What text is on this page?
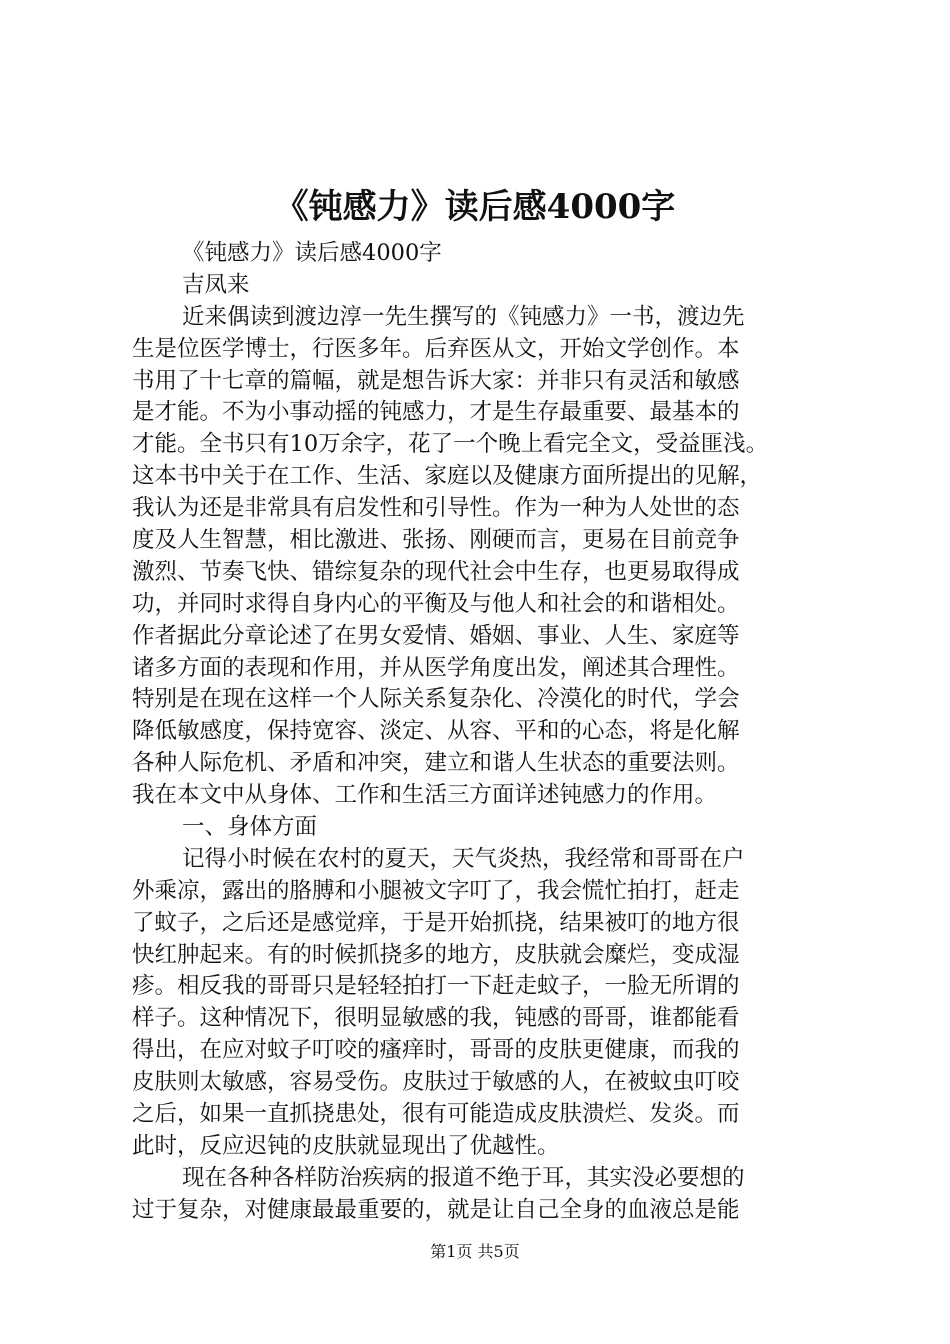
《钝感力》读后感4000字
《钝感力》读后感4000字
吉凤来
近来偶读到渡边淳一先生撰写的《钝感力》一书，渡边先
生是位医学博士，行医多年。后弃医从文，开始文学创作。本
书用了十七章的篇幅，就是想告诉大家：并非只有灵活和敏感
是才能。不为小事动摇的钝感力，才是生存最重要、最基本的
才能。全书只有10万余字，花了一个晚上看完全文，受益匪浅。
这本书中关于在工作、生活、家庭以及健康方面所提出的见解，
我认为还是非常具有启发性和引导性。作为一种为人处世的态
度及人生智慧，相比激进、张扬、刚硬而言，更易在目前竞争
激烈、节奏飞快、错综复杂的现代社会中生存，也更易取得成
功，并同时求得自身内心的平衡及与他人和社会的和谐相处。
作者据此分章论述了在男女爱情、婚姻、事业、人生、家庭等
诸多方面的表现和作用，并从医学角度出发，阐述其合理性。
特别是在现在这样一个人际关系复杂化、冷漠化的时代，学会
降低敏感度，保持宽容、淡定、从容、平和的心态，将是化解
各种人际危机、矛盾和冲突，建立和谐人生状态的重要法则。
我在本文中从身体、工作和生活三方面详述钝感力的作用。
一、身体方面
记得小时候在农村的夏天，天气炎热，我经常和哥哥在户
外乘凉，露出的胳膊和小腿被文字叮了，我会慌忙拍打，赶走
了蚊子，之后还是感觉痒，于是开始抓挠，结果被叮的地方很
快红肿起来。有的时候抓挠多的地方，皮肤就会糜烂，变成湿
疹。相反我的哥哥只是轻轻拍打一下赶走蚊子，一脸无所谓的
样子。这种情况下，很明显敏感的我，钝感的哥哥，谁都能看
得出，在应对蚊子叮咬的瘙痒时，哥哥的皮肤更健康，而我的
皮肤则太敏感，容易受伤。皮肤过于敏感的人，在被蚊虫叮咬
之后，如果一直抓挠患处，很有可能造成皮肤溃烂、发炎。而
此时，反应迟钝的皮肤就显现出了优越性。
现在各种各样防治疾病的报道不绝于耳，其实没必要想的
过于复杂，对健康最最重要的，就是让自己全身的血液总是能
第1页 共5页
